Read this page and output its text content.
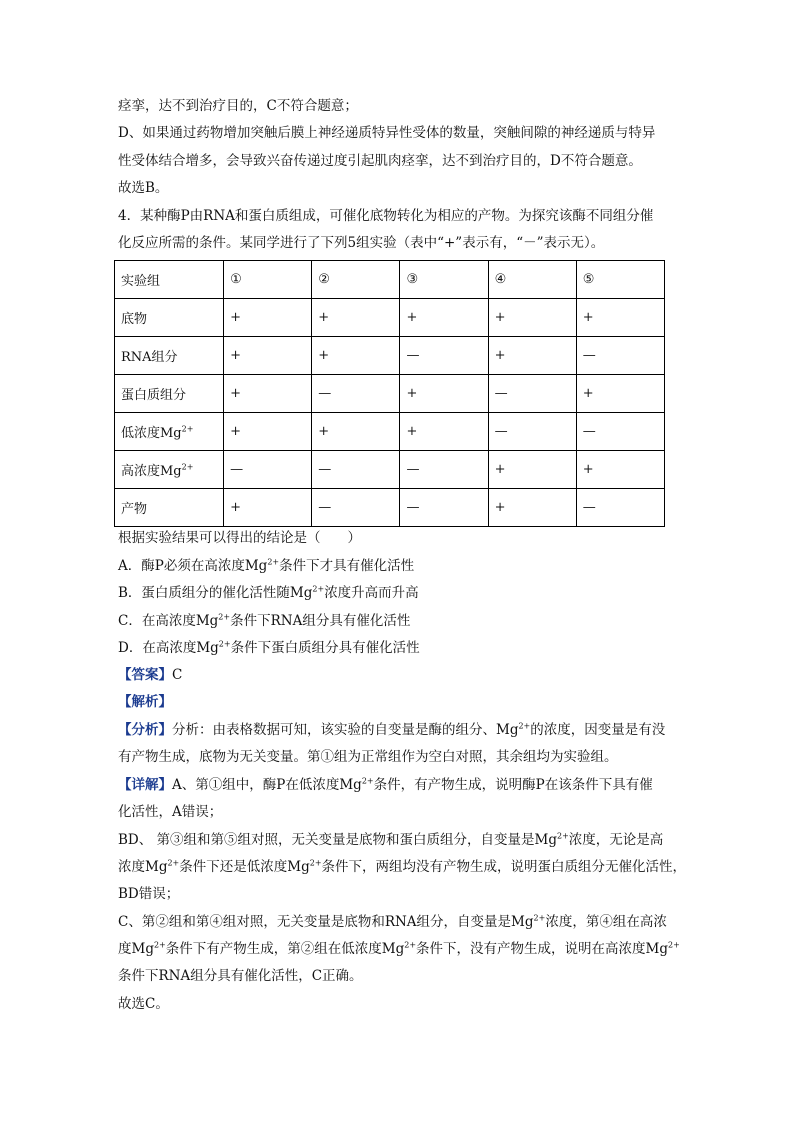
痉挛，达不到治疗目的，C不符合题意；
D、如果通过药物增加突触后膜上神经递质特异性受体的数量，突触间隙的神经递质与特异
性受体结合增多，会导致兴奋传递过度引起肌肉痉挛，达不到治疗目的，D不符合题意。
故选B。
4．某种酶P由RNA和蛋白质组成，可催化底物转化为相应的产物。为探究该酶不同组分催
化反应所需的条件。某同学进行了下列5组实验（表中“+”表示有，“－”表示无）。
实验组	①	②	③	④	⑤
底物	+	+	+	+	+
RNA组分	+	+	—	+	—
蛋白质组分	+	—	+	—	+
低浓度$Mg^{2+}$	+	+	+	—	—
高浓度$Mg^{2+}$	—	—	—	+	+
产物	+	—	—	+	—
根据实验结果可以得出的结论是（　　）
A．酶P必须在高浓度$Mg^{2+}$条件下才具有催化活性
B．蛋白质组分的催化活性随$Mg^{2+}$浓度升高而升高
C．在高浓度$Mg^{2+}$条件下RNA组分具有催化活性
D．在高浓度$Mg^{2+}$条件下蛋白质组分具有催化活性
【答案】C
【解析】
【分析】分析：由表格数据可知，该实验的自变量是酶的组分、$Mg^{2+}$的浓度，因变量是有没
有产物生成，底物为无关变量。第①组为正常组作为空白对照，其余组均为实验组。
【详解】A、第①组中，酶P在低浓度$Mg^{2+}$条件，有产物生成，说明酶P在该条件下具有催
化活性，A错误；
BD、 第③组和第⑤组对照，无关变量是底物和蛋白质组分，自变量是$Mg^{2+}$浓度，无论是高
浓度$Mg^{2+}$条件下还是低浓度$Mg^{2+}$条件下，两组均没有产物生成，说明蛋白质组分无催化活性，
BD错误；
C、第②组和第④组对照，无关变量是底物和RNA组分，自变量是$Mg^{2+}$浓度，第④组在高浓
度$Mg^{2+}$条件下有产物生成，第②组在低浓度$Mg^{2+}$条件下，没有产物生成，说明在高浓度$Mg^{2+}$
条件下RNA组分具有催化活性，C正确。
故选C。
